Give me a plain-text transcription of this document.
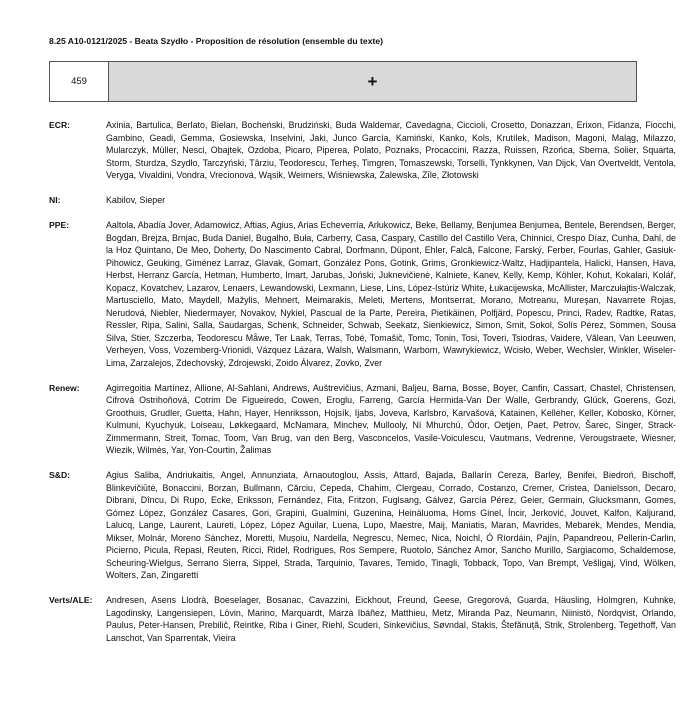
8.25 A10-0121/2025 - Beata Szydło - Proposition de résolution (ensemble du texte)
459	+
ECR:	Axinia, Bartulica, Berlato, Bielan, Bocheński, Brudziński, Buda Waldemar, Cavedagna, Ciccioli, Crosetto, Donazzan, Erixon, Fidanza, Fiocchi, Gambino, Geadi, Gemma, Gosiewska, Inselvini, Jaki, Junco García, Kamiński, Kanko, Kols, Krutílek, Madison, Magoni, Maląg, Milazzo, Mularczyk, Müller, Nesci, Obajtek, Ozdoba, Picaro, Piperea, Polato, Poznaks, Procaccini, Razza, Ruissen, Rzońca, Sberna, Solier, Squarta, Storm, Sturdza, Szydło, Tarczyński, Târziu, Teodorescu, Terheş, Timgren, Tomaszewski, Torselli, Tynkkynen, Van Dijck, Van Overtveldt, Ventola, Veryga, Vivaldini, Vondra, Vrecionová, Wąsik, Weimers, Wiśniewska, Zalewska, Zīle, Złotowski
NI:	Kabilov, Sieper
PPE:	Aaltola, Abadía Jover, Adamowicz, Aftias, Agius, Arias Echeverría, Arłukowicz, Beke, Bellamy, Benjumea Benjumea, Bentele, Berendsen, Berger, Bogdan, Brejza, Brnjac, Buda Daniel, Bugalho, Buła, Carberry, Casa, Caspary, Castillo del Castillo Vera, Chinnici, Crespo Díaz, Cunha, Dahl, de la Hoz Quintano, De Meo, Doherty, Do Nascimento Cabral, Dorfmann, Düpont, Ehler, Falcă, Falcone, Farský, Ferber, Fourlas, Gahler, Gasiuk-Pihowicz, Geuking, Giménez Larraz, Glavak, Gomart, González Pons, Gotink, Grims, Gronkiewicz-Waltz, Hadjipantela, Halicki, Hansen, Hava, Herbst, Herranz García, Hetman, Humberto, Imart, Jarubas, Joński, Juknevičienė, Kalniete, Kanev, Kelly, Kemp, Köhler, Kohut, Kokalari, Kolář, Kopacz, Kovatchev, Lazarov, Lenaers, Lewandowski, Lexmann, Liese, Lins, López-Istúriz White, Łukacijewska, McAllister, Marczułajtis-Walczak, Martusciello, Mato, Maydell, Mažylis, Mehnert, Meimarakis, Meleti, Mertens, Montserrat, Morano, Motreanu, Mureşan, Navarrete Rojas, Nerudová, Niebler, Niedermayer, Novakov, Nykiel, Pascual de la Parte, Pereira, Pietikäinen, Polfjärd, Popescu, Princi, Radev, Radtke, Ratas, Ressler, Ripa, Salini, Salla, Saudargas, Schenk, Schneider, Schwab, Seekatz, Sienkiewicz, Simon, Smit, Sokol, Solís Pérez, Sommen, Sousa Silva, Stier, Szczerba, Teodorescu Måwe, Ter Laak, Terras, Tobé, Tomašič, Tomc, Tonin, Tosi, Toveri, Tsiodras, Vaidere, Vălean, Van Leeuwen, Verheyen, Voss, Vozemberg-Vrionidi, Vázquez Lázara, Walsh, Walsmann, Warborn, Wawrykiewicz, Wcisło, Weber, Wechsler, Winkler, Wiseler-Lima, Zarzalejos, Zdechovský, Zdrojewski, Zoido Álvarez, Zovko, Zver
Renew:	Agirregoitia Martínez, Allione, Al-Sahlani, Andrews, Auštrevičius, Azmani, Baljeu, Barna, Bosse, Boyer, Canfin, Cassart, Chastel, Christensen, Cifrová Ostrihoňová, Cotrim De Figueiredo, Cowen, Eroglu, Farreng, García Hermida-Van Der Walle, Gerbrandy, Glück, Goerens, Gozi, Groothuis, Grudler, Guetta, Hahn, Hayer, Henriksson, Hojsík, Ijabs, Joveva, Karlsbro, Karvašová, Katainen, Kelleher, Keller, Kobosko, Körner, Kulmuni, Kyuchyuk, Loiseau, Løkkegaard, McNamara, Minchev, Mullooly, Ní Mhurchú, Ódor, Oetjen, Paet, Petrov, Šarec, Singer, Strack-Zimmermann, Streit, Tomac, Toom, Van Brug, van den Berg, Vasconcelos, Vasile-Voiculescu, Vautmans, Vedrenne, Verougstraete, Wiesner, Wiezik, Wilmès, Yar, Yon-Courtin, Žalimas
S&D:	Agius Saliba, Andriukaitis, Angel, Annunziata, Arnaoutoglou, Assis, Attard, Bajada, Ballarín Cereza, Barley, Benifei, Biedroń, Bischoff, Blinkevičiūtė, Bonaccini, Borzan, Bullmann, Cărciu, Cepeda, Chahim, Clergeau, Corrado, Costanzo, Cremer, Cristea, Danielsson, Decaro, Dibrani, Dîncu, Di Rupo, Ecke, Eriksson, Fernández, Fita, Fritzon, Fuglsang, Gálvez, García Pérez, Geier, Germain, Glucksmann, Gomes, Gómez López, González Casares, Gori, Grapini, Gualmini, Guzenina, Heinäluoma, Homs Ginel, İncir, Jerković, Jouvet, Kalfon, Kaljurand, Lalucq, Lange, Laurent, Laureti, López, López Aguilar, Luena, Lupo, Maestre, Maij, Maniatis, Maran, Mavrides, Mebarek, Mendes, Mendia, Mikser, Molnár, Moreno Sánchez, Moretti, Mușoiu, Nardella, Negrescu, Nemec, Nica, Noichl, Ó Ríordáin, Pajín, Papandreou, Pellerin-Carlin, Picierno, Picula, Repasi, Reuten, Ricci, Ridel, Rodrigues, Ros Sempere, Ruotolo, Sánchez Amor, Sancho Murillo, Sargiacomo, Schaldemose, Scheuring-Wielgus, Serrano Sierra, Sippel, Strada, Tarquinio, Tavares, Temido, Tinagli, Tobback, Topo, Van Brempt, Vešligaj, Vind, Wölken, Wolters, Zan, Zingaretti
Verts/ALE:	Andresen, Asens Llodrà, Boeselager, Bosanac, Cavazzini, Eickhout, Freund, Geese, Gregorová, Guarda, Häusling, Holmgren, Kuhnke, Lagodinsky, Langensiepen, Lövin, Marino, Marquardt, Marzà Ibáñez, Matthieu, Metz, Miranda Paz, Neumann, Niinistö, Nordqvist, Orlando, Paulus, Peter-Hansen, Prebilič, Reintke, Riba i Giner, Riehl, Scuderi, Sinkevičius, Søvndal, Stakis, Štefănuță, Strik, Strolenberg, Tegethoff, Van Lanschot, Van Sparrentak, Vieira
